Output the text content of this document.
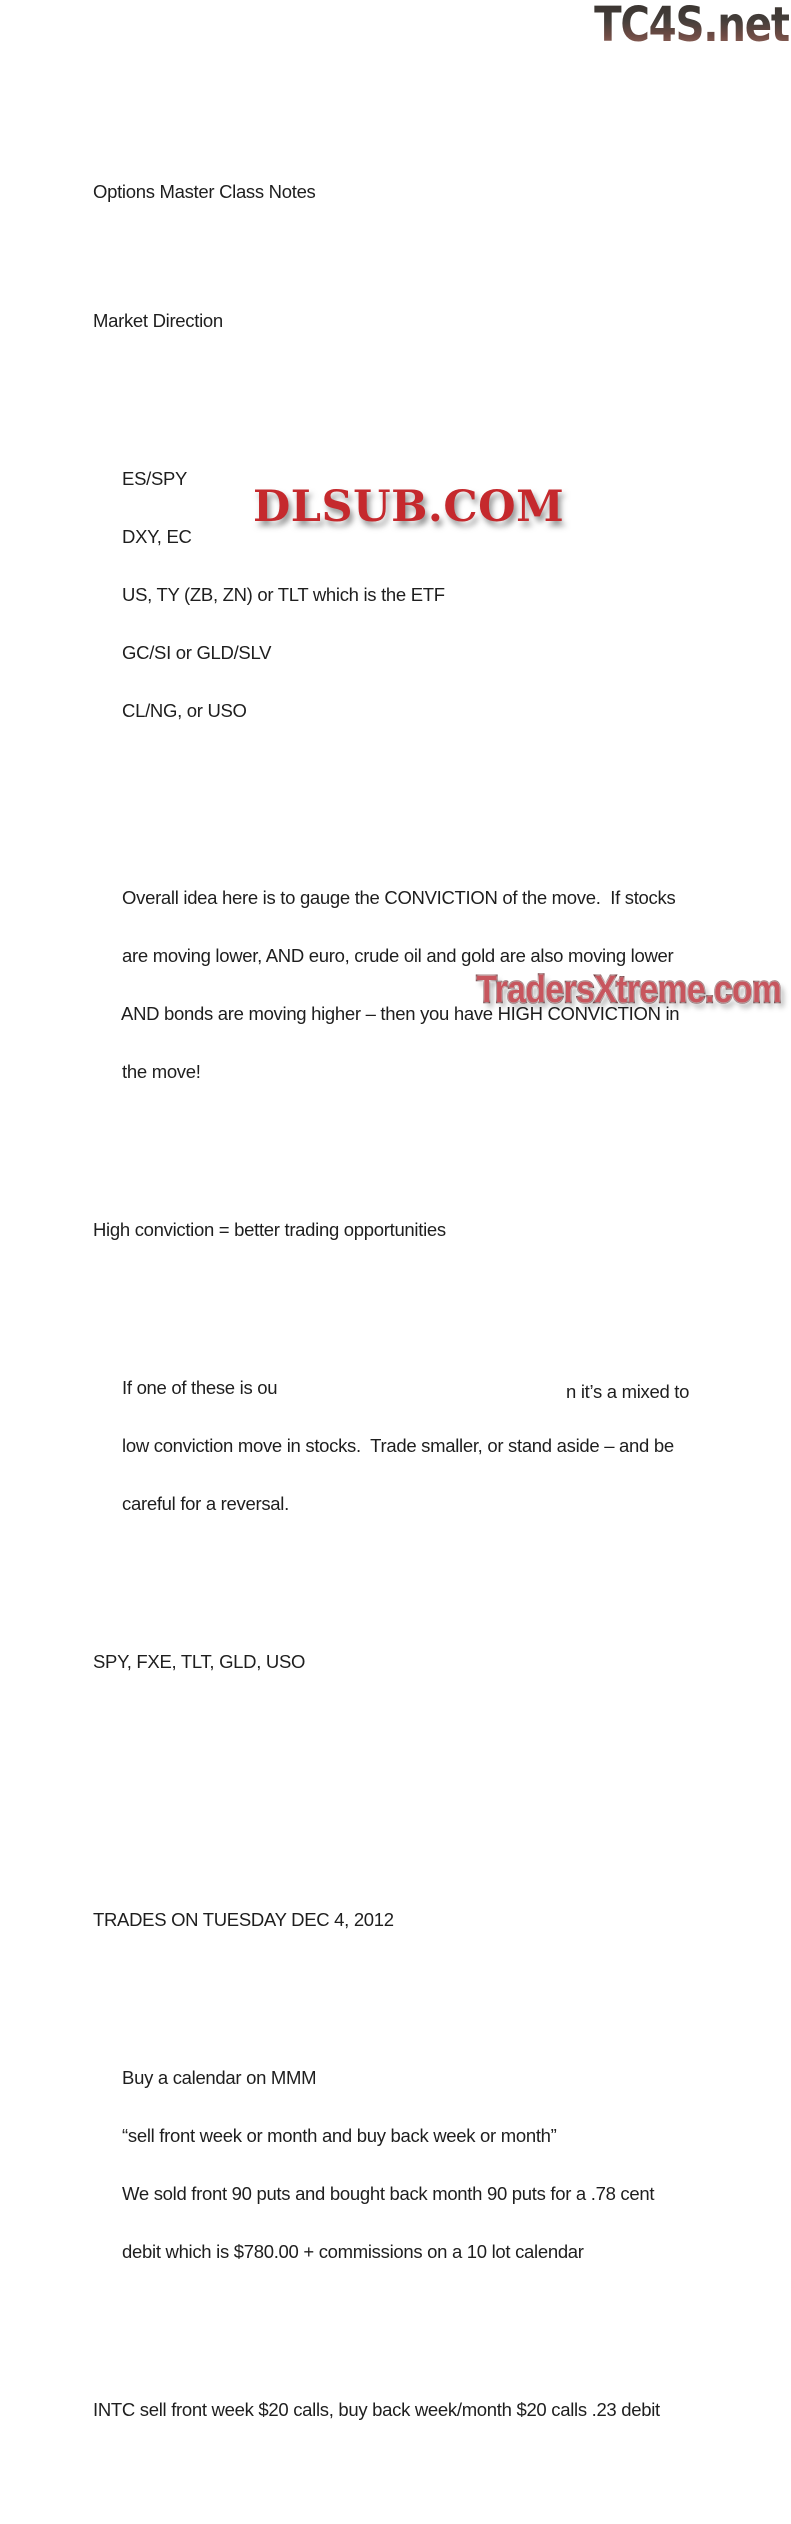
TC4S.net

Options Master Class Notes

Market Direction

ES/SPY

DXY, EC

US, TY (ZB, ZN) or TLT which is the ETF

GC/SI or GLD/SLV

CL/NG, or USO

Overall idea here is to gauge the CONVICTION of the move.  If stocks

are moving lower, AND euro, crude oil and gold are also moving lower

AND bonds are moving higher – then you have HIGH CONVICTION in

the move!

High conviction = better trading opportunities

If one of these is ou	n it’s a mixed to

low conviction move in stocks.  Trade smaller, or stand aside – and be

careful for a reversal.

SPY, FXE, TLT, GLD, USO

TRADES ON TUESDAY DEC 4, 2012

Buy a calendar on MMM

“sell front week or month and buy back week or month”

We sold front 90 puts and bought back month 90 puts for a .78 cent

debit which is $780.00 + commissions on a 10 lot calendar

INTC sell front week $20 calls, buy back week/month $20 calls .23 debit

DLSUB.COM
TradersXtreme.com
